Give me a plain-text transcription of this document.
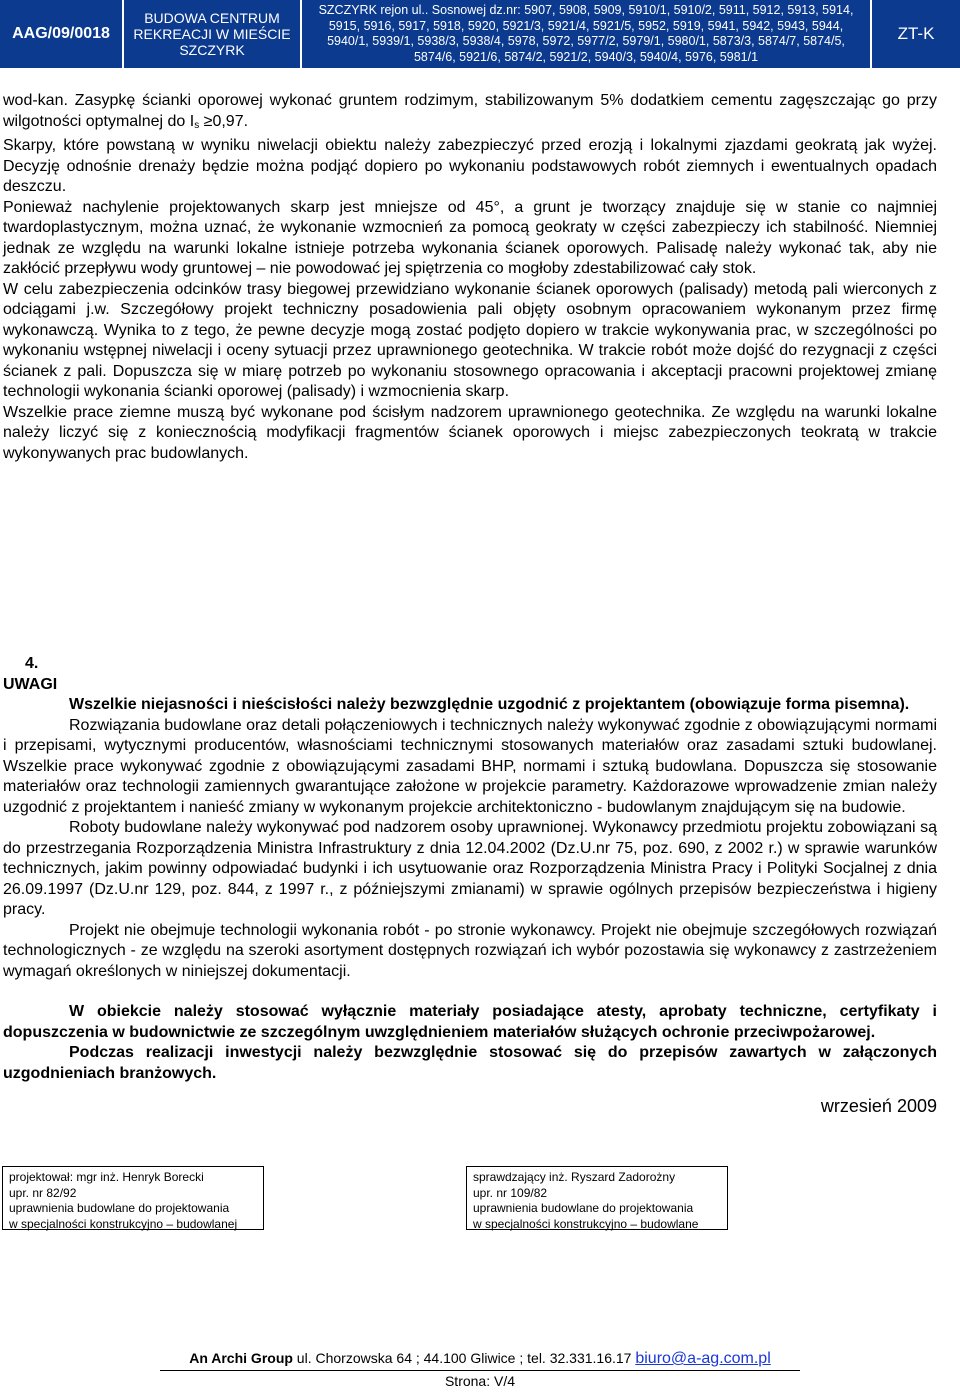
AAG/09/0018
BUDOWA CENTRUM
REKREACJI W MIEŚCIE
SZCZYRK
SZCZYRK rejon ul.. Sosnowej dz.nr: 5907, 5908, 5909, 5910/1, 5910/2, 5911, 5912, 5913, 5914,
5915, 5916, 5917, 5918, 5920, 5921/3, 5921/4, 5921/5, 5952, 5919, 5941, 5942, 5943, 5944,
5940/1, 5939/1, 5938/3, 5938/4, 5978, 5972, 5977/2, 5979/1, 5980/1, 5873/3, 5874/7, 5874/5,
5874/6, 5921/6, 5874/2, 5921/2, 5940/3, 5940/4, 5976, 5981/1
ZT-K

wod-kan. Zasypkę ścianki oporowej wykonać gruntem rodzimym, stabilizowanym 5% dodatkiem cementu zagęszczając go przy wilgotności optymalnej do $I_s \ge 0,97$.

Skarpy, które powstaną w wyniku niwelacji obiektu należy zabezpieczyć przed erozją i lokalnymi zjazdami geokratą jak wyżej. Decyzję odnośnie drenaży będzie można podjąć dopiero po wykonaniu podstawowych robót ziemnych i ewentualnych opadach deszczu.

Ponieważ nachylenie projektowanych skarp jest mniejsze od 45°, a grunt je tworzący znajduje się w stanie co najmniej twardoplastycznym, można uznać, że wykonanie wzmocnień za pomocą geokraty w części zabezpieczy ich stabilność. Niemniej jednak ze względu na warunki lokalne istnieje potrzeba wykonania ścianek oporowych. Palisadę należy wykonać tak, aby nie zakłócić przepływu wody gruntowej – nie powodować jej spiętrzenia co mogłoby zdestabilizować cały stok.

W celu zabezpieczenia odcinków trasy biegowej przewidziano wykonanie ścianek oporowych (palisady) metodą pali wierconych z odciągami j.w. Szczegółowy projekt techniczny posadowienia pali objęty osobnym opracowaniem wykonanym przez firmę wykonawczą. Wynika to z tego, że pewne decyzje mogą zostać podjęto dopiero w trakcie wykonywania prac, w szczególności po wykonaniu wstępnej niwelacji i oceny sytuacji przez uprawnionego geotechnika. W trakcie robót może dojść do rezygnacji z części ścianek z pali. Dopuszcza się w miarę potrzeb po wykonaniu stosownego opracowania i akceptacji pracowni projektowej zmianę technologii wykonania ścianki oporowej (palisady) i wzmocnienia skarp.

Wszelkie prace ziemne muszą być wykonane pod ścisłym nadzorem uprawnionego geotechnika. Ze względu na warunki lokalne należy liczyć się z koniecznością modyfikacji fragmentów ścianek oporowych i miejsc zabezpieczonych teokratą w trakcie wykonywanych prac budowlanych.

4. UWAGI

Wszelkie niejasności i nieścisłości należy bezwzględnie uzgodnić z projektantem (obowiązuje forma pisemna).

Rozwiązania budowlane oraz detali połączeniowych i technicznych należy wykonywać zgodnie z obowiązującymi normami i przepisami, wytycznymi producentów, własnościami technicznymi stosowanych materiałów oraz zasadami sztuki budowlanej. Wszelkie prace wykonywać zgodnie z obowiązującymi zasadami BHP, normami i sztuką budowlana. Dopuszcza się stosowanie materiałów oraz technologii zamiennych gwarantujące założone w projekcie parametry. Każdorazowe wprowadzenie zmian należy uzgodnić z projektantem i nanieść zmiany w wykonanym projekcie architektoniczno - budowlanym znajdującym się na budowie.

Roboty budowlane należy wykonywać pod nadzorem osoby uprawnionej. Wykonawcy przedmiotu projektu zobowiązani są do przestrzegania Rozporządzenia Ministra Infrastruktury z dnia 12.04.2002 (Dz.U.nr 75, poz. 690, z 2002 r.) w sprawie warunków technicznych, jakim powinny odpowiadać budynki i ich usytuowanie oraz Rozporządzenia Ministra Pracy i Polityki Socjalnej z dnia 26.09.1997 (Dz.U.nr 129, poz. 844, z 1997 r., z późniejszymi zmianami) w sprawie ogólnych przepisów bezpieczeństwa i higieny pracy.

Projekt nie obejmuje technologii wykonania robót - po stronie wykonawcy. Projekt nie obejmuje szczegółowych rozwiązań technologicznych - ze względu na szeroki asortyment dostępnych rozwiązań ich wybór pozostawia się wykonawcy z zastrzeżeniem wymagań określonych w niniejszej dokumentacji.

W obiekcie należy stosować wyłącznie materiały posiadające atesty, aprobaty techniczne, certyfikaty i dopuszczenia w budownictwie ze szczególnym uwzględnieniem materiałów służących ochronie przeciwpożarowej.

Podczas realizacji inwestycji należy bezwzględnie stosować się do przepisów zawartych w załączonych uzgodnieniach branżowych.

wrzesień 2009
projektował: mgr inż. Henryk Borecki
upr. nr 82/92
uprawnienia budowlane do projektowania
w specjalności konstrukcyjno – budowlanej
sprawdzający inż. Ryszard Zadorożny
upr. nr 109/82
uprawnienia budowlane do projektowania
w specjalności konstrukcyjno – budowlane
An Archi Group ul. Chorzowska 64 ; 44.100 Gliwice ; tel. 32.331.16.17 biuro@a-ag.com.pl
Strona: V/4
